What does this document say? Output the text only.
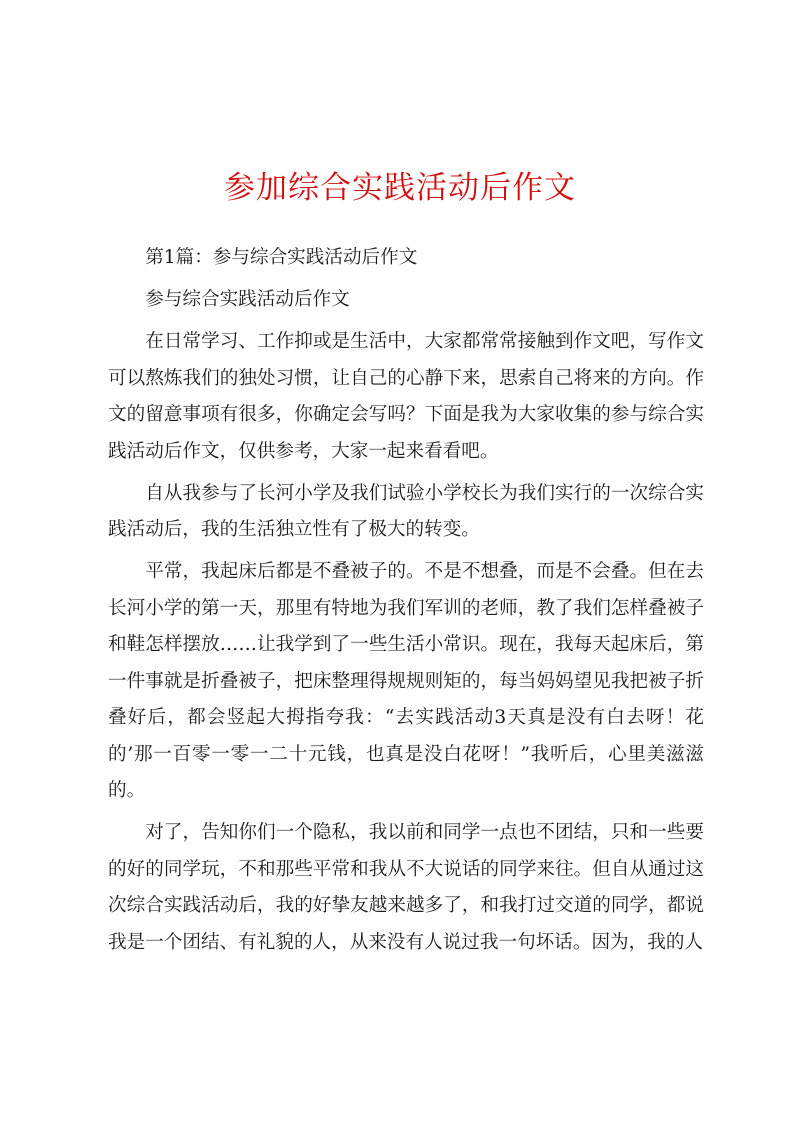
参加综合实践活动后作文

第1篇：参与综合实践活动后作文

参与综合实践活动后作文

在日常学习、工作抑或是生活中，大家都常常接触到作文吧，写作文可以熬炼我们的独处习惯，让自己的心静下来，思索自己将来的方向。作文的留意事项有很多，你确定会写吗？下面是我为大家收集的参与综合实践活动后作文，仅供参考，大家一起来看看吧。

自从我参与了长河小学及我们试验小学校长为我们实行的一次综合实践活动后，我的生活独立性有了极大的转变。

平常，我起床后都是不叠被子的。不是不想叠，而是不会叠。但在去长河小学的第一天，那里有特地为我们军训的老师，教了我们怎样叠被子和鞋怎样摆放……让我学到了一些生活小常识。现在，我每天起床后，第一件事就是折叠被子，把床整理得规规则矩的，每当妈妈望见我把被子折叠好后，都会竖起大拇指夸我：“去实践活动3天真是没有白去呀！花的’那一百零一零一二十元钱，也真是没白花呀！”我听后，心里美滋滋的。

对了，告知你们一个隐私，我以前和同学一点也不团结，只和一些要的好的同学玩，不和那些平常和我从不大说话的同学来往。但自从通过这次综合实践活动后，我的好挚友越来越多了，和我打过交道的同学，都说我是一个团结、有礼貌的人，从来没有人说过我一句坏话。因为，我的人
